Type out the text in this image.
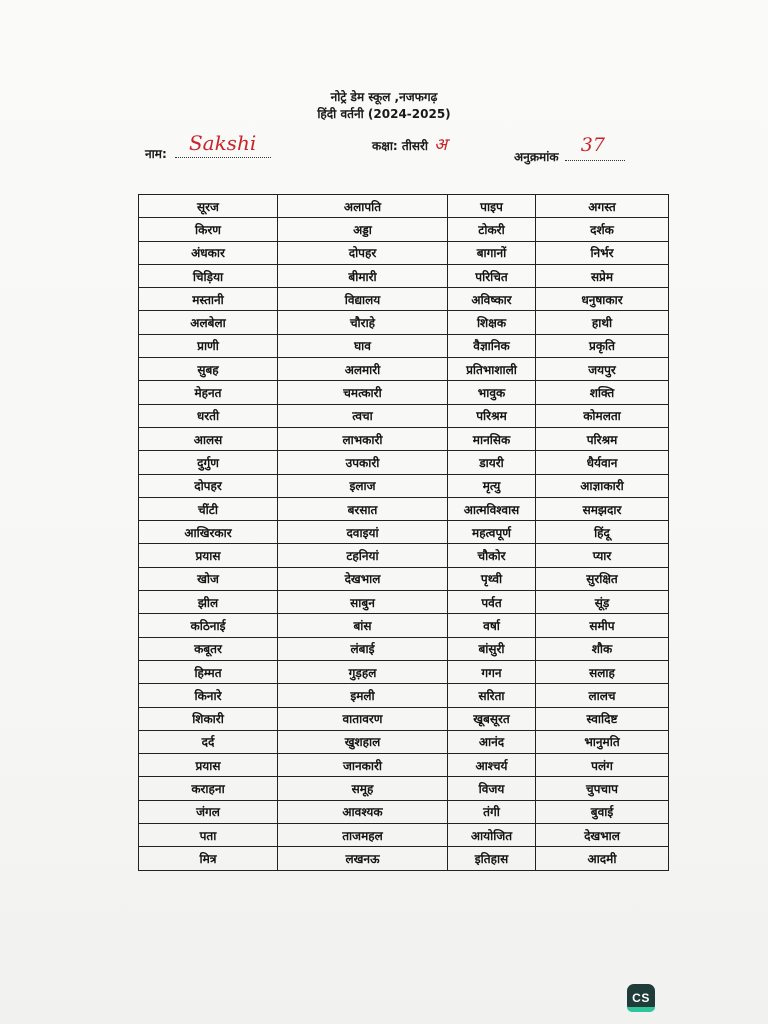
नोट्रे डेम स्कूल ,नजफगढ़
हिंदी वर्तनी (2024-2025)
कक्षा: तीसरी अ
नाम: Sakshi
अनुक्रमांक
37
सूरज	अलापति	पाइप	अगस्त
किरण	अड्डा	टोकरी	दर्शक
अंधकार	दोपहर	बागानों	निर्भर
चिड़िया	बीमारी	परिचित	सप्रेम
मस्तानी	विद्यालय	अविष्कार	धनुषाकार
अलबेला	चौराहे	शिक्षक	हाथी
प्राणी	घाव	वैज्ञानिक	प्रकृति
सुबह	अलमारी	प्रतिभाशाली	जयपुर
मेहनत	चमत्कारी	भावुक	शक्ति
धरती	त्वचा	परिश्रम	कोमलता
आलस	लाभकारी	मानसिक	परिश्रम
दुर्गुण	उपकारी	डायरी	धैर्यवान
दोपहर	इलाज	मृत्यु	आज्ञाकारी
चींटी	बरसात	आत्मविश्वास	समझदार
आखिरकार	दवाइयां	महत्वपूर्ण	हिंदू
प्रयास	टहनियां	चौकोर	प्यार
खोज	देखभाल	पृथ्वी	सुरक्षित
झील	साबुन	पर्वत	सूंड़
कठिनाई	बांस	वर्षा	समीप
कबूतर	लंबाई	बांसुरी	शौक
हिम्मत	गुड़हल	गगन	सलाह
किनारे	इमली	सरिता	लालच
शिकारी	वातावरण	खूबसूरत	स्वादिष्ट
दर्द	खुशहाल	आनंद	भानुमति
प्रयास	जानकारी	आश्चर्य	पलंग
कराहना	समूह	विजय	चुपचाप
जंगल	आवश्यक	तंगी	बुवाई
पता	ताजमहल	आयोजित	देखभाल
मित्र	लखनऊ	इतिहास	आदमी
CS
